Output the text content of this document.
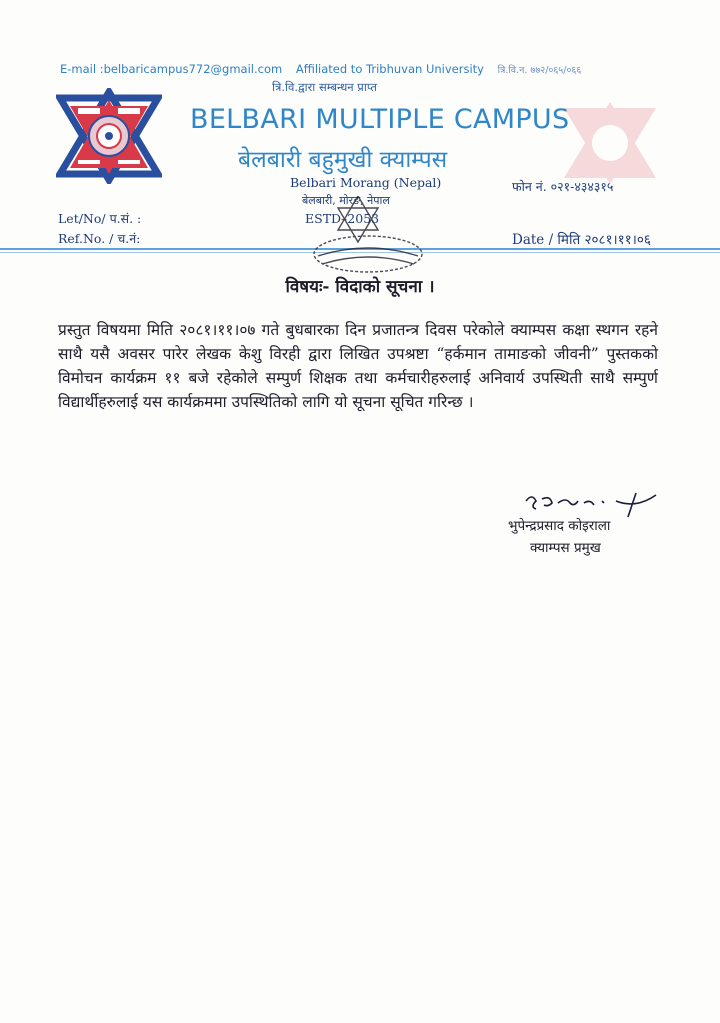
E-mail :belbaricampus772@gmail.com Affiliated to Tribhuvan University त्रि.वि.न. ७७२/०६५/०६६
त्रि.वि.द्वारा सम्बन्धन प्राप्त
BELBARI MULTIPLE CAMPUS
बेलबारी बहुमुखी क्याम्पस
Belbari Morang (Nepal)
बेलबारी, मोरङ, नेपाल
ESTD–2053
फोन नं. ०२१-४३४३१५
Let/No/ प.सं. :
Ref.No. / च.नं:	Date / मिति २०८१।११।०६
विषयः- विदाको सूचना ।
प्रस्तुत विषयमा मिति २०८१।११।०७ गते बुधबारका दिन प्रजातन्त्र दिवस परेकोले क्याम्पस कक्षा स्थगन रहने साथै यसै अवसर पारेर लेखक केशु विरही द्वारा लिखित उपश्रष्टा “हर्कमान तामाङको जीवनी” पुस्तकको विमोचन कार्यक्रम ११ बजे रहेकोले सम्पुर्ण शिक्षक तथा कर्मचारीहरुलाई अनिवार्य उपस्थिती साथै सम्पुर्ण विद्यार्थीहरुलाई यस कार्यक्रममा उपस्थितिको लागि यो सूचना सूचित गरिन्छ ।
भुपेन्द्रप्रसाद कोइराला
क्याम्पस प्रमुख
